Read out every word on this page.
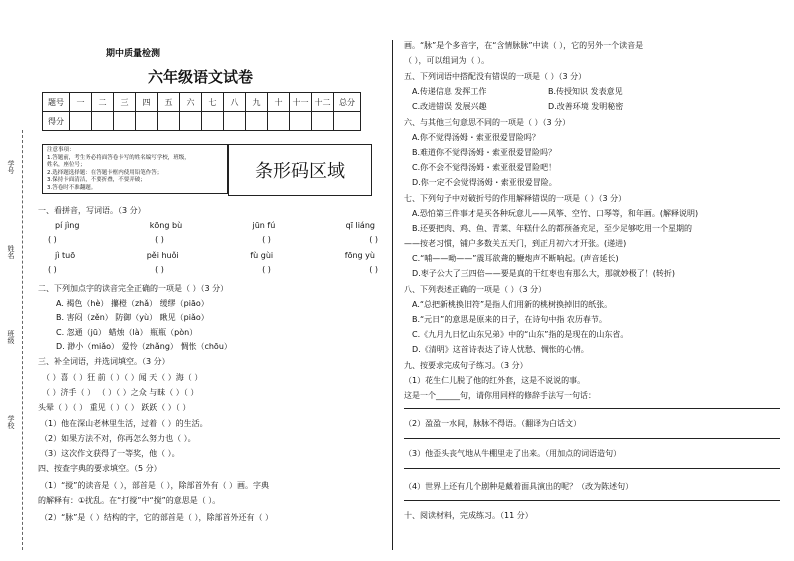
学号
姓名
班级
学校
期中质量检测
六年级语文试卷
题号	一	二	三	四	五	六	七	八	九	十	十一	十二	总分
得分													
注意事项：
1.答题前，考生务必将面答卷卡写的姓名编写学校，班级，
姓名，座位号；
2.选择题选择题：在答题卡框内使用铅笔作答；
3.保持卡面清洁，不要折叠，不要弄破；
3.答卷时不准翻题。
条形码区域
一、看拼音，写词语。（3 分）
pí jìng	kōng bù	jūn fú	qī liáng
( )	( )	( )	( )
jì tuō	pěi huǒi	fù gùi	fōng yù
( )	( )	( )	( )
二、下列加点字的读音完全正确的一项是（ ）（3 分）
A. 褐色（hè） 攥橙（zhǎ） 缓缪（piāo）
B. 害闷（zěn） 防御（yù） 瞅见（piǎo）
C. 忽通（jū） 蜡烛（là） 瓶瓶（pòn）
D. 渺小（miǎo） 爱怜（zhǎng） 惆怅（chōu）
三、补全词语，并选词填空。（3 分）
（ ）喜（ ）狂 前（ ）（ ）闻 天（ ）海（ ）
（ ）济手（ ） （ ）（ ）之众 与昧（ ）（ ）
头晕（ ）（ ） 重见（ ）（ ） 跃跃（ ）（ ）
（1）他在深山老林里生活，过着（ ）的生活。
（2）如果方法不对，你再怎么努力也（ ）。
（3）这次作文获得了一等奖，他（ ）。
四、按查字典的要求填空。（5 分）
（1）“搅”的读音是（ ），部首是（ ），除部首外有（ ）画。字典
的解释有：①扰乱。在“打搅”中“搅”的意思是（ ）。
（2）“脉”是（ ）结构的字，它的部首是（ ），除部首外还有（ ）
画。“脉”是个多音字，在“含情脉脉”中读（ ），它的另外一个读音是
（ ），可以组词为（ ）。
五、下列词语中搭配没有错误的一项是（ ）（3 分）
A.传递信息 发挥工作	B.传授知识 发表意见
C.改进错误 发展兴趣	D.改善环境 发明秘密
六、与其他三句意思不同的一项是（ ）（3 分）
A.你不觉得汤姆・索亚很爱冒险吗？
B.难道你不觉得汤姆・索亚很爱冒险吗？
C.你不会不觉得汤姆・索亚很爱冒险吧！
D.你一定不会觉得汤姆・索亚很爱冒险。
七、下列句子中对破折号的作用解释错误的一项是（ ）（3 分）
A.恐怕第三件事才是买各种玩意儿——风筝、空竹、口琴等，和年画。(解释说明)
B.还要把肉、鸡、鱼、青菜、年糕什么的都预备充足，至少足够吃用一个星期的
——按老习惯，铺户多数关五天门，到正月初六才开张。(递进)
C.“哺——呦——”震耳欲聋的鞭炮声不断响起。(声音延长)
D.枣子公大了三四倍——要是真的干红枣也有那么大，那就妙极了！(转折)
八、下列表述正确的一项是（ ）（3 分）
A.“总把新桃换旧符”是指人们用新的桃树换掉旧的纸张。
B.“元日”的意思是原来的日子，在诗句中指 农历春节。
C.《九月九日忆山东兄弟》中的“山东”指的是现在的山东省。
D.《清明》这首诗表达了诗人忧愁、惆怅的心情。
九、按要求完成句子练习。（3 分）
（1）花生仁儿脱了他的红外套，这是不说说的事。
这是一个______句，请你用同样的修辞手法写一句话：
（2）盈盈一水间，脉脉不得语。（翻译为白话文）
（3）他歪头丧气地从牛棚里走了出来。（用加点的词语造句）
（4）世界上还有几个剧种是戴着面具演出的呢？（改为陈述句）
十、阅读材料，完成练习。（11 分）
